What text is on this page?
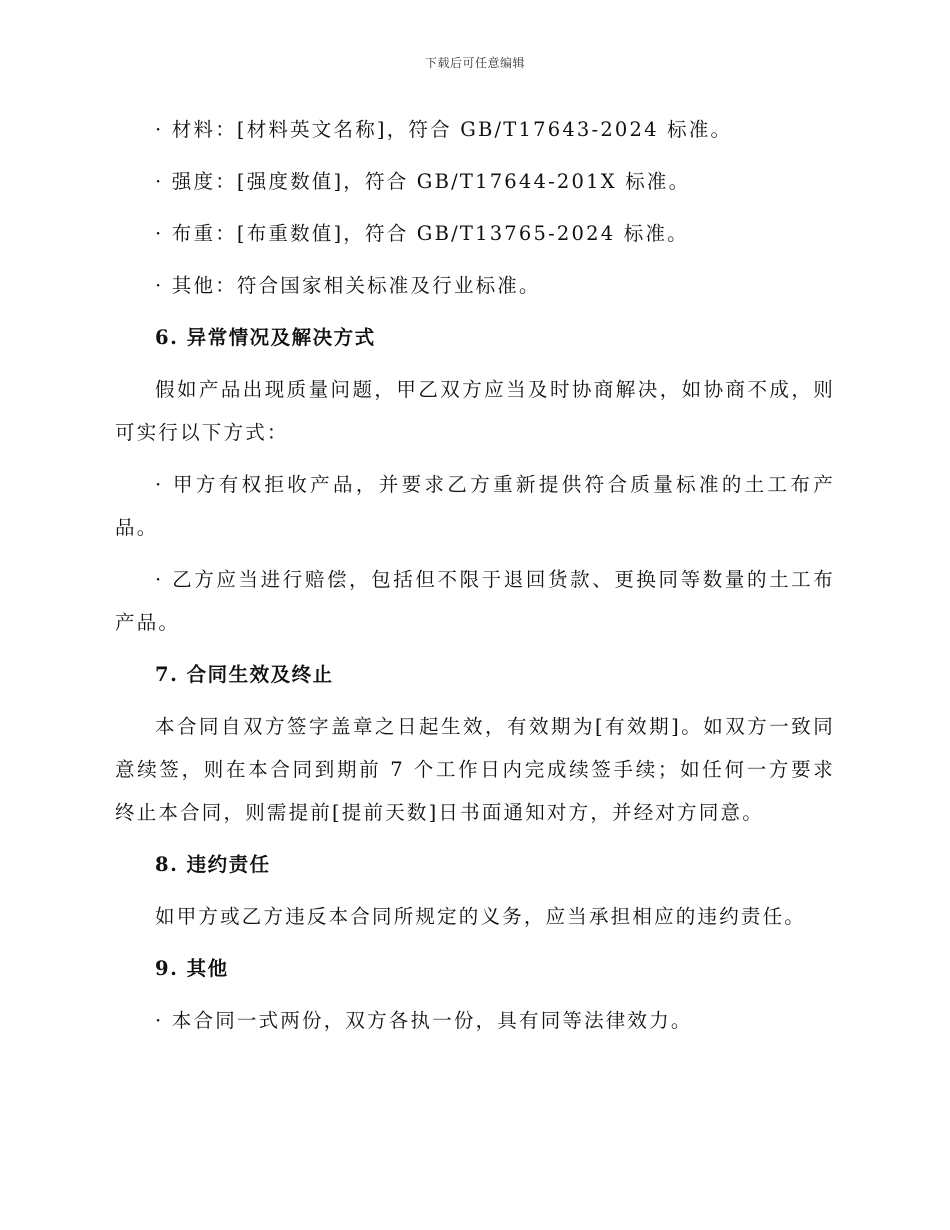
下载后可任意编辑

· 材料：[材料英文名称]，符合 GB/T17643-2024 标准。

· 强度：[强度数值]，符合 GB/T17644-201X 标准。

· 布重：[布重数值]，符合 GB/T13765-2024 标准。

· 其他：符合国家相关标准及行业标准。

6. 异常情况及解决方式

假如产品出现质量问题，甲乙双方应当及时协商解决，如协商不成，则可实行以下方式：

· 甲方有权拒收产品，并要求乙方重新提供符合质量标准的土工布产品。

· 乙方应当进行赔偿，包括但不限于退回货款、更换同等数量的土工布产品。

7. 合同生效及终止

本合同自双方签字盖章之日起生效，有效期为[有效期]。如双方一致同意续签，则在本合同到期前 7 个工作日内完成续签手续；如任何一方要求终止本合同，则需提前[提前天数]日书面通知对方，并经对方同意。

8. 违约责任

如甲方或乙方违反本合同所规定的义务，应当承担相应的违约责任。

9. 其他

· 本合同一式两份，双方各执一份，具有同等法律效力。
